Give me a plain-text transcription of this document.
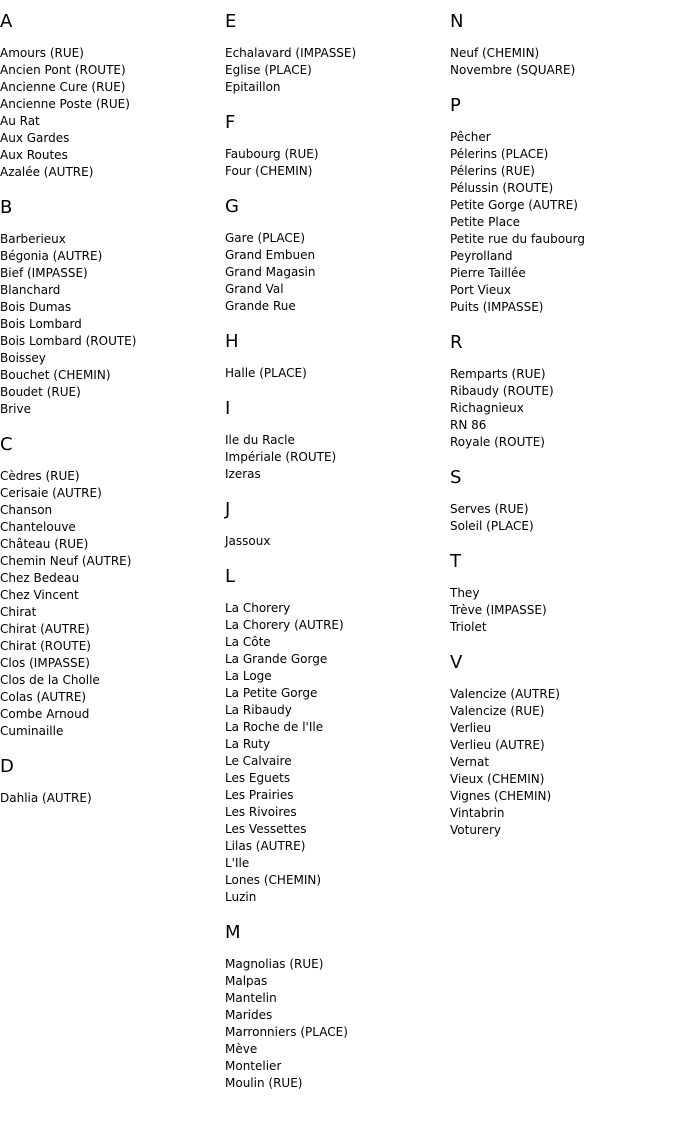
A
Amours (RUE)
Ancien Pont (ROUTE)
Ancienne Cure (RUE)
Ancienne Poste (RUE)
Au Rat
Aux Gardes
Aux Routes
Azalée (AUTRE)
B
Barberieux
Bégonia (AUTRE)
Bief (IMPASSE)
Blanchard
Bois Dumas
Bois Lombard
Bois Lombard (ROUTE)
Boissey
Bouchet (CHEMIN)
Boudet (RUE)
Brive
C
Cèdres (RUE)
Cerisaie (AUTRE)
Chanson
Chantelouve
Château (RUE)
Chemin Neuf (AUTRE)
Chez Bedeau
Chez Vincent
Chirat
Chirat (AUTRE)
Chirat (ROUTE)
Clos (IMPASSE)
Clos de la Cholle
Colas (AUTRE)
Combe Arnoud
Cuminaille
D
Dahlia (AUTRE)
E
Echalavard (IMPASSE)
Eglise (PLACE)
Epitaillon
F
Faubourg (RUE)
Four (CHEMIN)
G
Gare (PLACE)
Grand Embuen
Grand Magasin
Grand Val
Grande Rue
H
Halle (PLACE)
I
Ile du Racle
Impériale (ROUTE)
Izeras
J
Jassoux
L
La Chorery
La Chorery (AUTRE)
La Côte
La Grande Gorge
La Loge
La Petite Gorge
La Ribaudy
La Roche de l'Ile
La Ruty
Le Calvaire
Les Eguets
Les Prairies
Les Rivoires
Les Vessettes
Lilas (AUTRE)
L'Ile
Lones (CHEMIN)
Luzin
M
Magnolias (RUE)
Malpas
Mantelin
Marides
Marronniers (PLACE)
Mève
Montelier
Moulin (RUE)
N
Neuf (CHEMIN)
Novembre (SQUARE)
P
Pêcher
Pélerins (PLACE)
Pélerins (RUE)
Pélussin (ROUTE)
Petite Gorge (AUTRE)
Petite Place
Petite rue du faubourg
Peyrolland
Pierre Taillée
Port Vieux
Puits (IMPASSE)
R
Remparts (RUE)
Ribaudy (ROUTE)
Richagnieux
RN 86
Royale (ROUTE)
S
Serves (RUE)
Soleil (PLACE)
T
They
Trève (IMPASSE)
Triolet
V
Valencize (AUTRE)
Valencize (RUE)
Verlieu
Verlieu (AUTRE)
Vernat
Vieux (CHEMIN)
Vignes (CHEMIN)
Vintabrin
Voturery
